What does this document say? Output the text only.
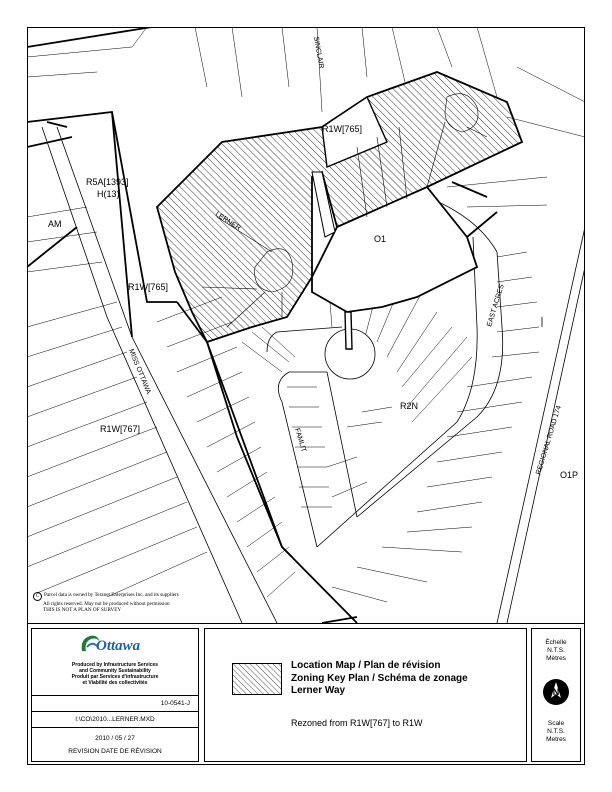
SINCLAIR
LERNER
MISS OTTAWA
FAMLIT
EAST ACRES
REGIONAL ROAD 174
R1W[765]
R5A[1393]
H(13)
AM
O1
R1W[765]
R2N
R1W[767]
O1P
C Parcel data is owned by Teranet Enterprises Inc. and its suppliers
All rights reserved. May not be produced without permission
THIS IS NOT A PLAN OF SURVEY
Ottawa
Produced by Infrastructure Services
and Community Sustainability
Produit par Services d'infrastructure
et Viabilité des collectivités
10-0541-J
I:\CO\2010...LERNER.MXD
2010 / 05 / 27
REVISION DATE DE RÉVISION
Location Map / Plan de révision
Zoning Key Plan / Schéma de zonage
Lerner Way
Rezoned from R1W[767] to R1W
Échelle
N.T.S.
Mètres
N
Scale
N.T.S.
Metres
